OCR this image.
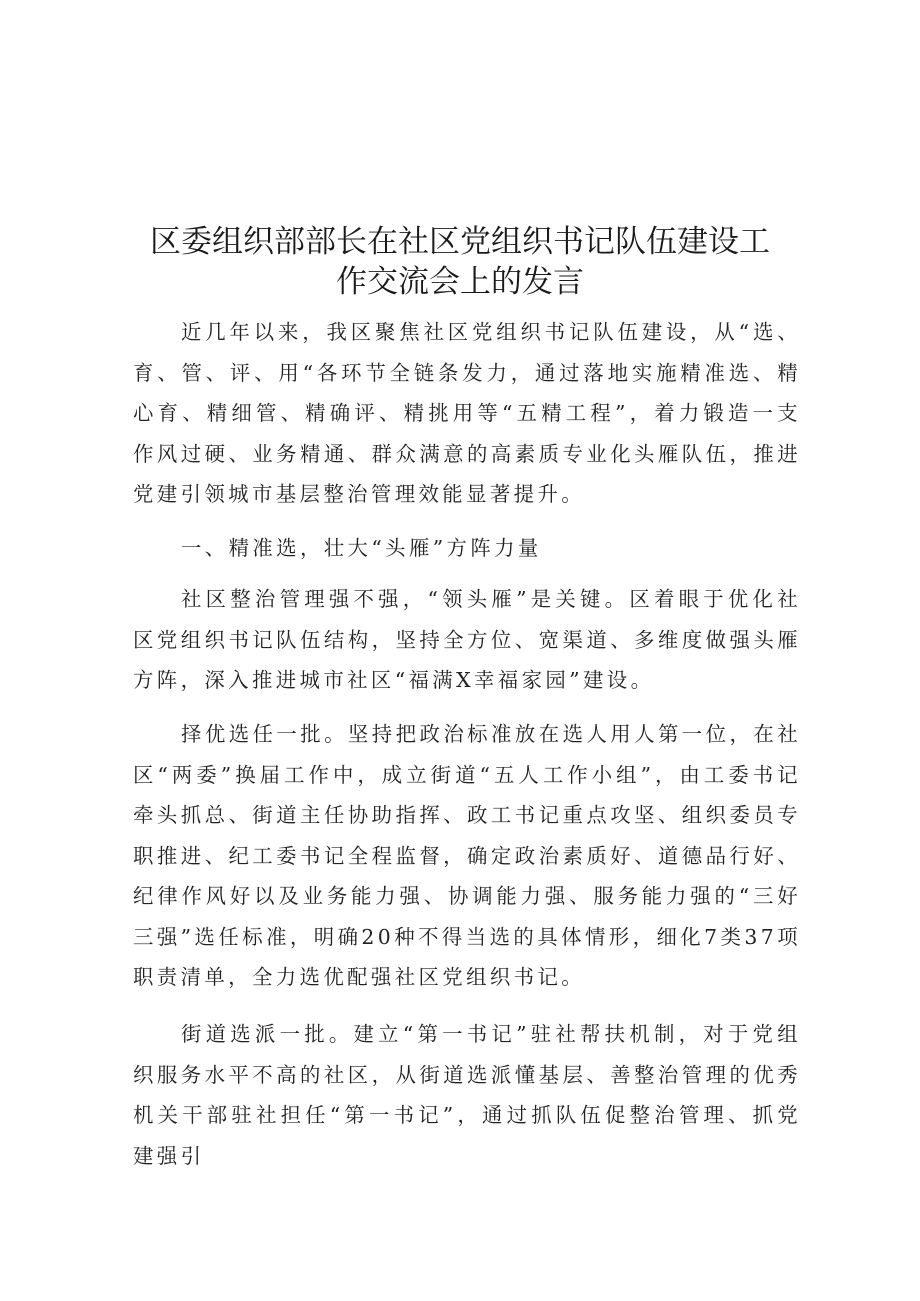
区委组织部部长在社区党组织书记队伍建设工
作交流会上的发言

近几年以来，我区聚焦社区党组织书记队伍建设，从“选、育、管、评、用“各环节全链条发力，通过落地实施精准选、精心育、精细管、精确评、精挑用等“五精工程”，着力锻造一支作风过硬、业务精通、群众满意的高素质专业化头雁队伍，推进党建引领城市基层整治管理效能显著提升。

一、精准选，壮大“头雁”方阵力量

社区整治管理强不强，“领头雁”是关键。区着眼于优化社区党组织书记队伍结构，坚持全方位、宽渠道、多维度做强头雁方阵，深入推进城市社区“福满X幸福家园”建设。

择优选任一批。坚持把政治标准放在选人用人第一位，在社区“两委”换届工作中，成立街道“五人工作小组”，由工委书记牵头抓总、街道主任协助指挥、政工书记重点攻坚、组织委员专职推进、纪工委书记全程监督，确定政治素质好、道德品行好、纪律作风好以及业务能力强、协调能力强、服务能力强的“三好三强”选任标准，明确20种不得当选的具体情形，细化7类37项职责清单，全力选优配强社区党组织书记。

街道选派一批。建立“第一书记”驻社帮扶机制，对于党组织服务水平不高的社区，从街道选派懂基层、善整治管理的优秀机关干部驻社担任“第一书记”，通过抓队伍促整治管理、抓党建强引
